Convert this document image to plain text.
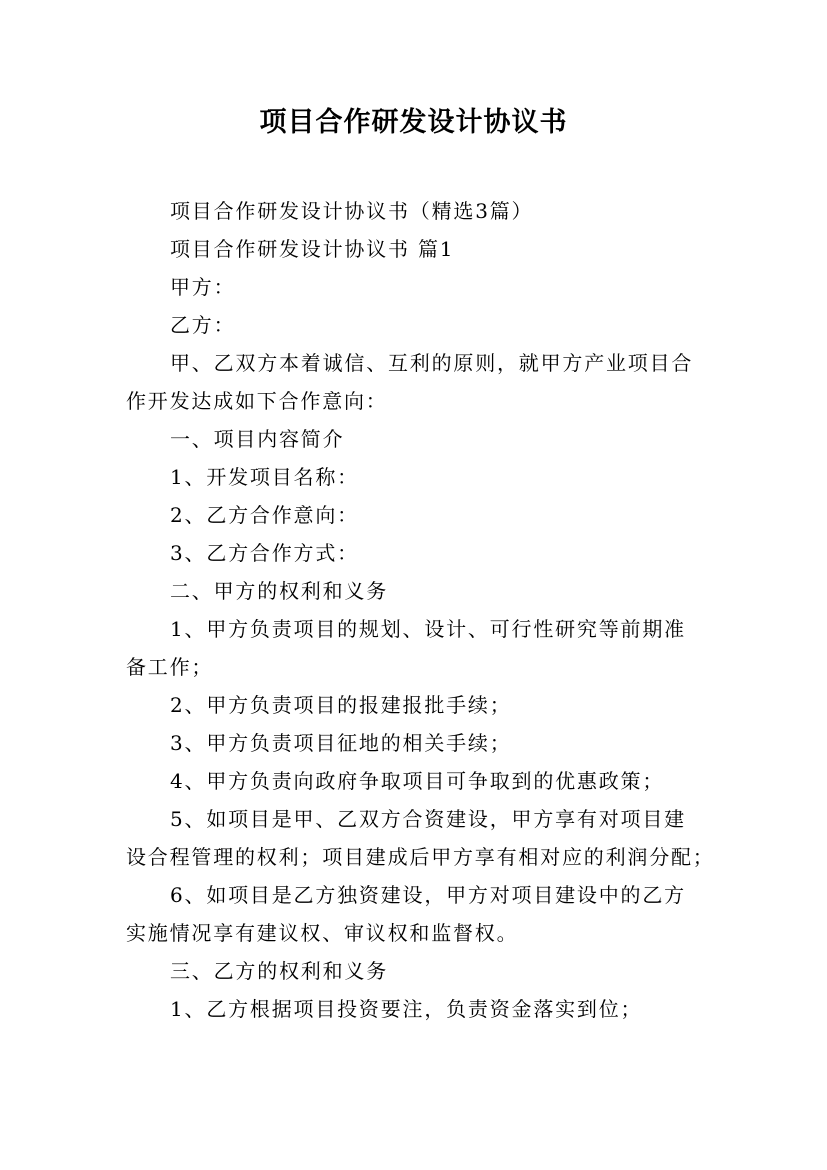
项目合作研发设计协议书

项目合作研发设计协议书（精选3篇）

项目合作研发设计协议书 篇1

甲方：

乙方：

甲、乙双方本着诚信、互利的原则，就甲方产业项目合
作开发达成如下合作意向：

一、项目内容简介

1、开发项目名称：

2、乙方合作意向：

3、乙方合作方式：

二、甲方的权利和义务

1、甲方负责项目的规划、设计、可行性研究等前期准
备工作；

2、甲方负责项目的报建报批手续；

3、甲方负责项目征地的相关手续；

4、甲方负责向政府争取项目可争取到的优惠政策；

5、如项目是甲、乙双方合资建设，甲方享有对项目建
设合程管理的权利；项目建成后甲方享有相对应的利润分配；

6、如项目是乙方独资建设，甲方对项目建设中的乙方
实施情况享有建议权、审议权和监督权。

三、乙方的权利和义务

1、乙方根据项目投资要注，负责资金落实到位；
